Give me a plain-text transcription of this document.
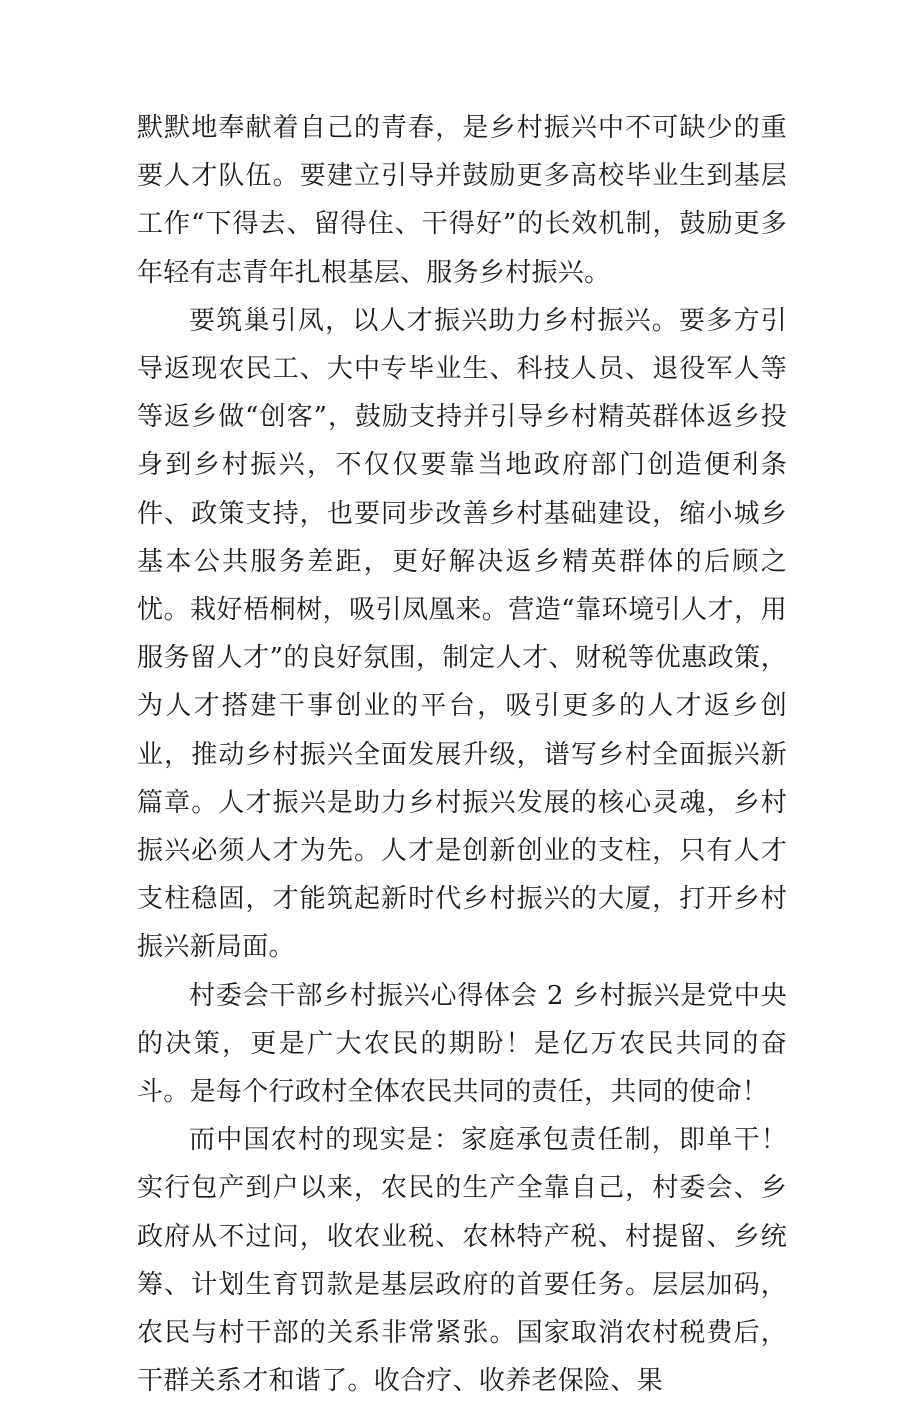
默默地奉献着自己的青春，是乡村振兴中不可缺少的重要人才队伍。要建立引导并鼓励更多高校毕业生到基层工作“下得去、留得住、干得好”的长效机制，鼓励更多年轻有志青年扎根基层、服务乡村振兴。

要筑巢引凤，以人才振兴助力乡村振兴。要多方引导返现农民工、大中专毕业生、科技人员、退役军人等等返乡做“创客”，鼓励支持并引导乡村精英群体返乡投身到乡村振兴，不仅仅要靠当地政府部门创造便利条件、政策支持，也要同步改善乡村基础建设，缩小城乡基本公共服务差距，更好解决返乡精英群体的后顾之忧。栽好梧桐树，吸引凤凰来。营造“靠环境引人才，用服务留人才”的良好氛围，制定人才、财税等优惠政策，为人才搭建干事创业的平台，吸引更多的人才返乡创业，推动乡村振兴全面发展升级，谱写乡村全面振兴新篇章。人才振兴是助力乡村振兴发展的核心灵魂，乡村振兴必须人才为先。人才是创新创业的支柱，只有人才支柱稳固，才能筑起新时代乡村振兴的大厦，打开乡村振兴新局面。

村委会干部乡村振兴心得体会 2 乡村振兴是党中央的决策，更是广大农民的期盼！是亿万农民共同的奋斗。是每个行政村全体农民共同的责任，共同的使命！

而中国农村的现实是：家庭承包责任制，即单干！实行包产到户以来，农民的生产全靠自己，村委会、乡政府从不过问，收农业税、农林特产税、村提留、乡统筹、计划生育罚款是基层政府的首要任务。层层加码，农民与村干部的关系非常紧张。国家取消农村税费后，干群关系才和谐了。收合疗、收养老保险、果
